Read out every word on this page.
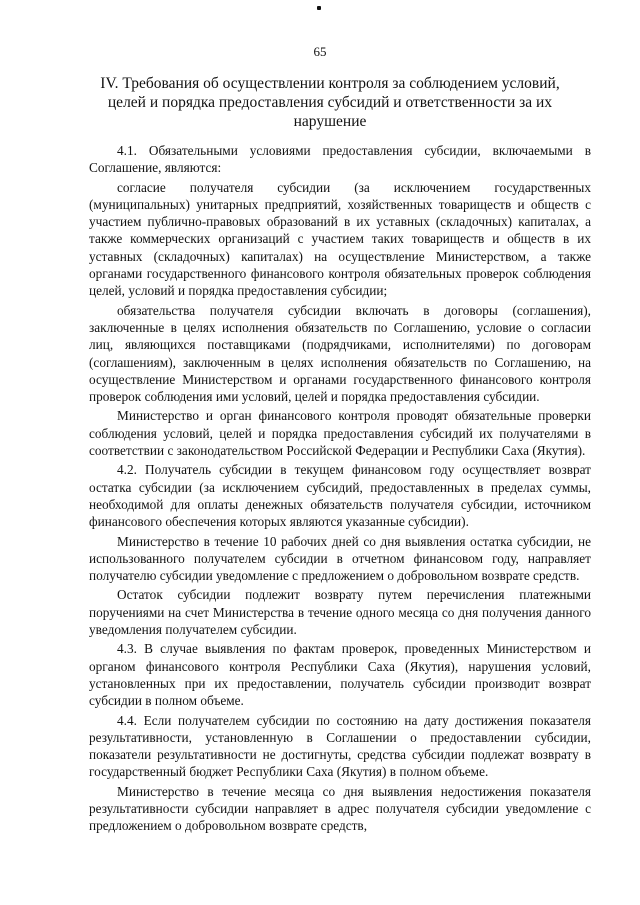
65
IV. Требования об осуществлении контроля за соблюдением условий,
целей и порядка предоставления субсидий и ответственности за их
нарушение

4.1. Обязательными условиями предоставления субсидии, включаемыми в Соглашение, являются:

согласие получателя субсидии (за исключением государственных (муниципальных) унитарных предприятий, хозяйственных товариществ и обществ с участием публично-правовых образований в их уставных (складочных) капиталах, а также коммерческих организаций с участием таких товариществ и обществ в их уставных (складочных) капиталах) на осуществление Министерством, а также органами государственного финансового контроля обязательных проверок соблюдения целей, условий и порядка предоставления субсидии;

обязательства получателя субсидии включать в договоры (соглашения), заключенные в целях исполнения обязательств по Соглашению, условие о согласии лиц, являющихся поставщиками (подрядчиками, исполнителями) по договорам (соглашениям), заключенным в целях исполнения обязательств по Соглашению, на осуществление Министерством и органами государственного финансового контроля проверок соблюдения ими условий, целей и порядка предоставления субсидии.

Министерство и орган финансового контроля проводят обязательные проверки соблюдения условий, целей и порядка предоставления субсидий их получателями в соответствии с законодательством Российской Федерации и Республики Саха (Якутия).

4.2. Получатель субсидии в текущем финансовом году осуществляет возврат остатка субсидии (за исключением субсидий, предоставленных в пределах суммы, необходимой для оплаты денежных обязательств получателя субсидии, источником финансового обеспечения которых являются указанные субсидии).

Министерство в течение 10 рабочих дней со дня выявления остатка субсидии, не использованного получателем субсидии в отчетном финансовом году, направляет получателю субсидии уведомление с предложением о добровольном возврате средств.

Остаток субсидии подлежит возврату путем перечисления платежными поручениями на счет Министерства в течение одного месяца со дня получения данного уведомления получателем субсидии.

4.3. В случае выявления по фактам проверок, проведенных Министерством и органом финансового контроля Республики Саха (Якутия), нарушения условий, установленных при их предоставлении, получатель субсидии производит возврат субсидии в полном объеме.

4.4. Если получателем субсидии по состоянию на дату достижения показателя результативности, установленную в Соглашении о предоставлении субсидии, показатели результативности не достигнуты, средства субсидии подлежат возврату в государственный бюджет Республики Саха (Якутия) в полном объеме.

Министерство в течение месяца со дня выявления недостижения показателя результативности субсидии направляет в адрес получателя субсидии уведомление с предложением о добровольном возврате средств,
